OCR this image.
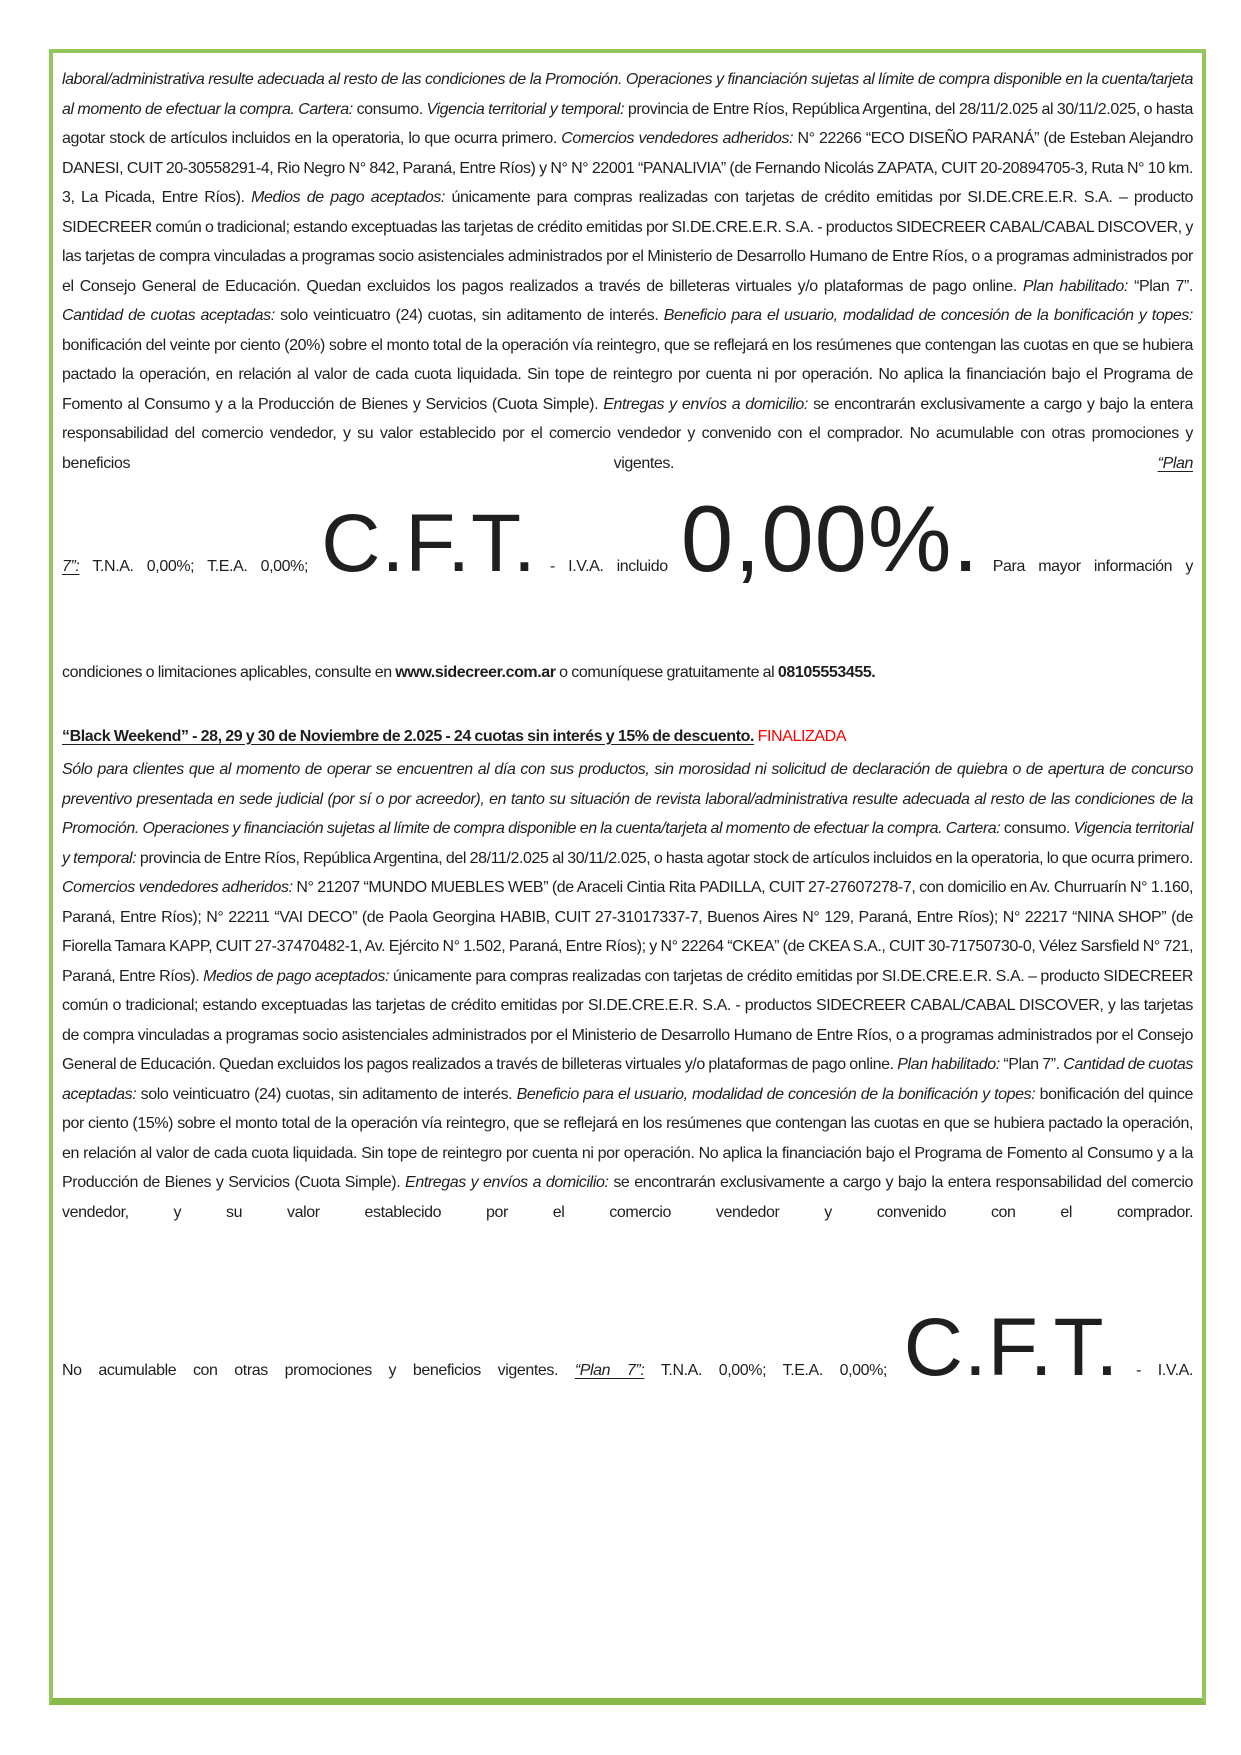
laboral/administrativa resulte adecuada al resto de las condiciones de la Promoción. Operaciones y financiación sujetas al límite de compra disponible en la cuenta/tarjeta al momento de efectuar la compra. Cartera: consumo. Vigencia territorial y temporal: provincia de Entre Ríos, República Argentina, del 28/11/2.025 al 30/11/2.025, o hasta agotar stock de artículos incluidos en la operatoria, lo que ocurra primero. Comercios vendedores adheridos: N° 22266 “ECO DISEÑO PARANÁ” (de Esteban Alejandro DANESI, CUIT 20-30558291-4, Rio Negro N° 842, Paraná, Entre Ríos) y N° N° 22001 “PANALIVIA” (de Fernando Nicolás ZAPATA, CUIT 20-20894705-3, Ruta N° 10 km. 3, La Picada, Entre Ríos). Medios de pago aceptados: únicamente para compras realizadas con tarjetas de crédito emitidas por SI.DE.CRE.E.R. S.A. – producto SIDECREER común o tradicional; estando exceptuadas las tarjetas de crédito emitidas por SI.DE.CRE.E.R. S.A. - productos SIDECREER CABAL/CABAL DISCOVER, y las tarjetas de compra vinculadas a programas socio asistenciales administrados por el Ministerio de Desarrollo Humano de Entre Ríos, o a programas administrados por el Consejo General de Educación. Quedan excluidos los pagos realizados a través de billeteras virtuales y/o plataformas de pago online. Plan habilitado: “Plan 7”. Cantidad de cuotas aceptadas: solo veinticuatro (24) cuotas, sin aditamento de interés. Beneficio para el usuario, modalidad de concesión de la bonificación y topes: bonificación del veinte por ciento (20%) sobre el monto total de la operación vía reintegro, que se reflejará en los resúmenes que contengan las cuotas en que se hubiera pactado la operación, en relación al valor de cada cuota liquidada. Sin tope de reintegro por cuenta ni por operación. No aplica la financiación bajo el Programa de Fomento al Consumo y a la Producción de Bienes y Servicios (Cuota Simple). Entregas y envíos a domicilio: se encontrarán exclusivamente a cargo y bajo la entera responsabilidad del comercio vendedor, y su valor establecido por el comercio vendedor y convenido con el comprador. No acumulable con otras promociones y beneficios vigentes. “Plan

7”: T.N.A. 0,00%; T.E.A. 0,00%; C.F.T. - I.V.A. incluido 0,00%. Para mayor información y

condiciones o limitaciones aplicables, consulte en www.sidecreer.com.ar o comuníquese gratuitamente al 08105553455.

“Black Weekend” - 28, 29 y 30 de Noviembre de 2.025 - 24 cuotas sin interés y 15% de descuento. FINALIZADA

Sólo para clientes que al momento de operar se encuentren al día con sus productos, sin morosidad ni solicitud de declaración de quiebra o de apertura de concurso preventivo presentada en sede judicial (por sí o por acreedor), en tanto su situación de revista laboral/administrativa resulte adecuada al resto de las condiciones de la Promoción. Operaciones y financiación sujetas al límite de compra disponible en la cuenta/tarjeta al momento de efectuar la compra. Cartera: consumo. Vigencia territorial y temporal: provincia de Entre Ríos, República Argentina, del 28/11/2.025 al 30/11/2.025, o hasta agotar stock de artículos incluidos en la operatoria, lo que ocurra primero. Comercios vendedores adheridos: N° 21207 “MUNDO MUEBLES WEB” (de Araceli Cintia Rita PADILLA, CUIT 27-27607278-7, con domicilio en Av. Churruarín N° 1.160, Paraná, Entre Ríos); N° 22211 “VAI DECO” (de Paola Georgina HABIB, CUIT 27-31017337-7, Buenos Aires N° 129, Paraná, Entre Ríos); N° 22217 “NINA SHOP” (de Fiorella Tamara KAPP, CUIT 27-37470482-1, Av. Ejército N° 1.502, Paraná, Entre Ríos); y N° 22264 “CKEA” (de CKEA S.A., CUIT 30-71750730-0, Vélez Sarsfield N° 721, Paraná, Entre Ríos). Medios de pago aceptados: únicamente para compras realizadas con tarjetas de crédito emitidas por SI.DE.CRE.E.R. S.A. – producto SIDECREER común o tradicional; estando exceptuadas las tarjetas de crédito emitidas por SI.DE.CRE.E.R. S.A. - productos SIDECREER CABAL/CABAL DISCOVER, y las tarjetas de compra vinculadas a programas socio asistenciales administrados por el Ministerio de Desarrollo Humano de Entre Ríos, o a programas administrados por el Consejo General de Educación. Quedan excluidos los pagos realizados a través de billeteras virtuales y/o plataformas de pago online. Plan habilitado: “Plan 7”. Cantidad de cuotas aceptadas: solo veinticuatro (24) cuotas, sin aditamento de interés. Beneficio para el usuario, modalidad de concesión de la bonificación y topes: bonificación del quince por ciento (15%) sobre el monto total de la operación vía reintegro, que se reflejará en los resúmenes que contengan las cuotas en que se hubiera pactado la operación, en relación al valor de cada cuota liquidada. Sin tope de reintegro por cuenta ni por operación. No aplica la financiación bajo el Programa de Fomento al Consumo y a la Producción de Bienes y Servicios (Cuota Simple). Entregas y envíos a domicilio: se encontrarán exclusivamente a cargo y bajo la entera responsabilidad del comercio vendedor, y su valor establecido por el comercio vendedor y convenido con el comprador.

No acumulable con otras promociones y beneficios vigentes. “Plan 7”: T.N.A. 0,00%; T.E.A. 0,00%; C.F.T. - I.V.A.
